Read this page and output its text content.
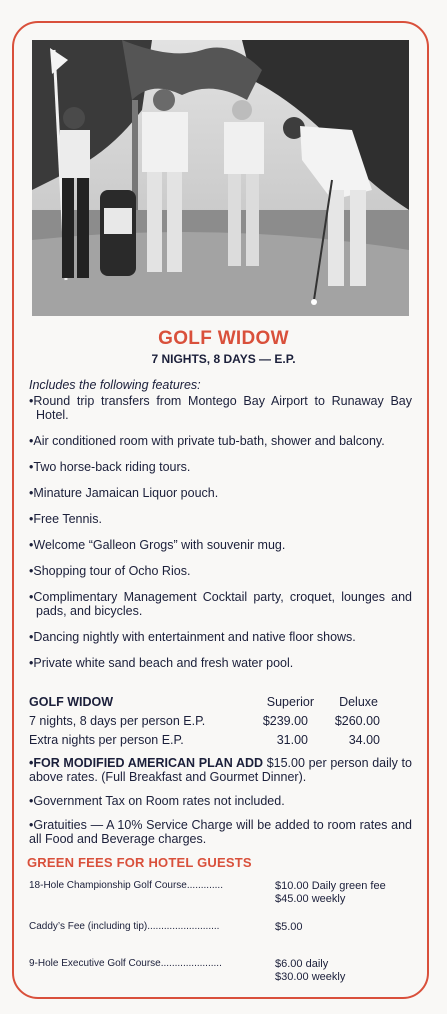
GOLF WIDOW
7 NIGHTS, 8 DAYS — E.P.
Includes the following features:
•Round trip transfers from Montego Bay Airport to Runaway Bay Hotel.
•Air conditioned room with private tub-bath, shower and balcony.
•Two horse-back riding tours.
•Minature Jamaican Liquor pouch.
•Free Tennis.
•Welcome “Galleon Grogs” with souvenir mug.
•Shopping tour of Ocho Rios.
•Complimentary Management Cocktail party, croquet, lounges and pads, and bicycles.
•Dancing nightly with entertainment and native floor shows.
•Private white sand beach and fresh water pool.
GOLF WIDOW	Superior Deluxe
7 nights, 8 days per person E.P.	$239.00 $260.00
Extra nights per person E.P.	31.00	34.00
•FOR MODIFIED AMERICAN PLAN ADD $15.00 per person daily to above rates. (Full Breakfast and Gourmet Dinner).
•Government Tax on Room rates not included.
•Gratuities — A 10% Service Charge will be added to room rates and all Food and Beverage charges.
GREEN FEES FOR HOTEL GUESTS
18-Hole Championship Golf Course.............	$10.00 Daily green fee
$45.00 weekly
Caddy’s Fee (including tip)..........................	$5.00
9-Hole Executive Golf Course......................	$6.00 daily
$30.00 weekly
